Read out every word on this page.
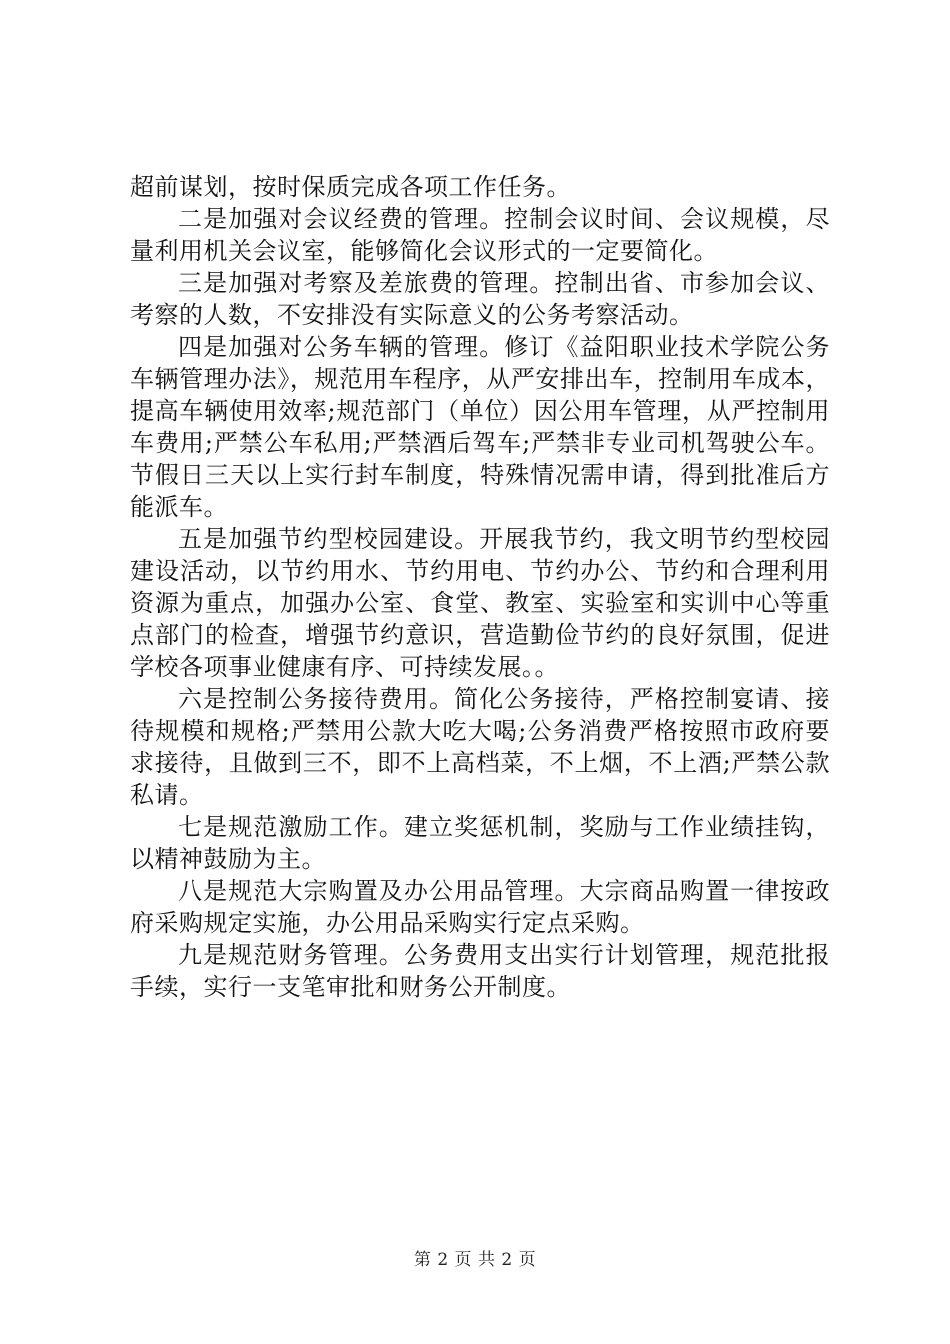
超前谋划，按时保质完成各项工作任务。

二是加强对会议经费的管理。控制会议时间、会议规模，尽量利用机关会议室，能够简化会议形式的一定要简化。

三是加强对考察及差旅费的管理。控制出省、市参加会议、考察的人数，不安排没有实际意义的公务考察活动。

四是加强对公务车辆的管理。修订《益阳职业技术学院公务车辆管理办法》，规范用车程序，从严安排出车，控制用车成本，提高车辆使用效率;规范部门（单位）因公用车管理，从严控制用车费用;严禁公车私用;严禁酒后驾车;严禁非专业司机驾驶公车。节假日三天以上实行封车制度，特殊情况需申请，得到批准后方能派车。

五是加强节约型校园建设。开展我节约，我文明节约型校园建设活动，以节约用水、节约用电、节约办公、节约和合理利用资源为重点，加强办公室、食堂、教室、实验室和实训中心等重点部门的检查，增强节约意识，营造勤俭节约的良好氛围，促进学校各项事业健康有序、可持续发展。。

六是控制公务接待费用。简化公务接待，严格控制宴请、接待规模和规格;严禁用公款大吃大喝;公务消费严格按照市政府要求接待，且做到三不，即不上高档菜，不上烟，不上酒;严禁公款私请。

七是规范激励工作。建立奖惩机制，奖励与工作业绩挂钩，以精神鼓励为主。

八是规范大宗购置及办公用品管理。大宗商品购置一律按政府采购规定实施，办公用品采购实行定点采购。

九是规范财务管理。公务费用支出实行计划管理，规范批报手续，实行一支笔审批和财务公开制度。

第 2 页 共 2 页
